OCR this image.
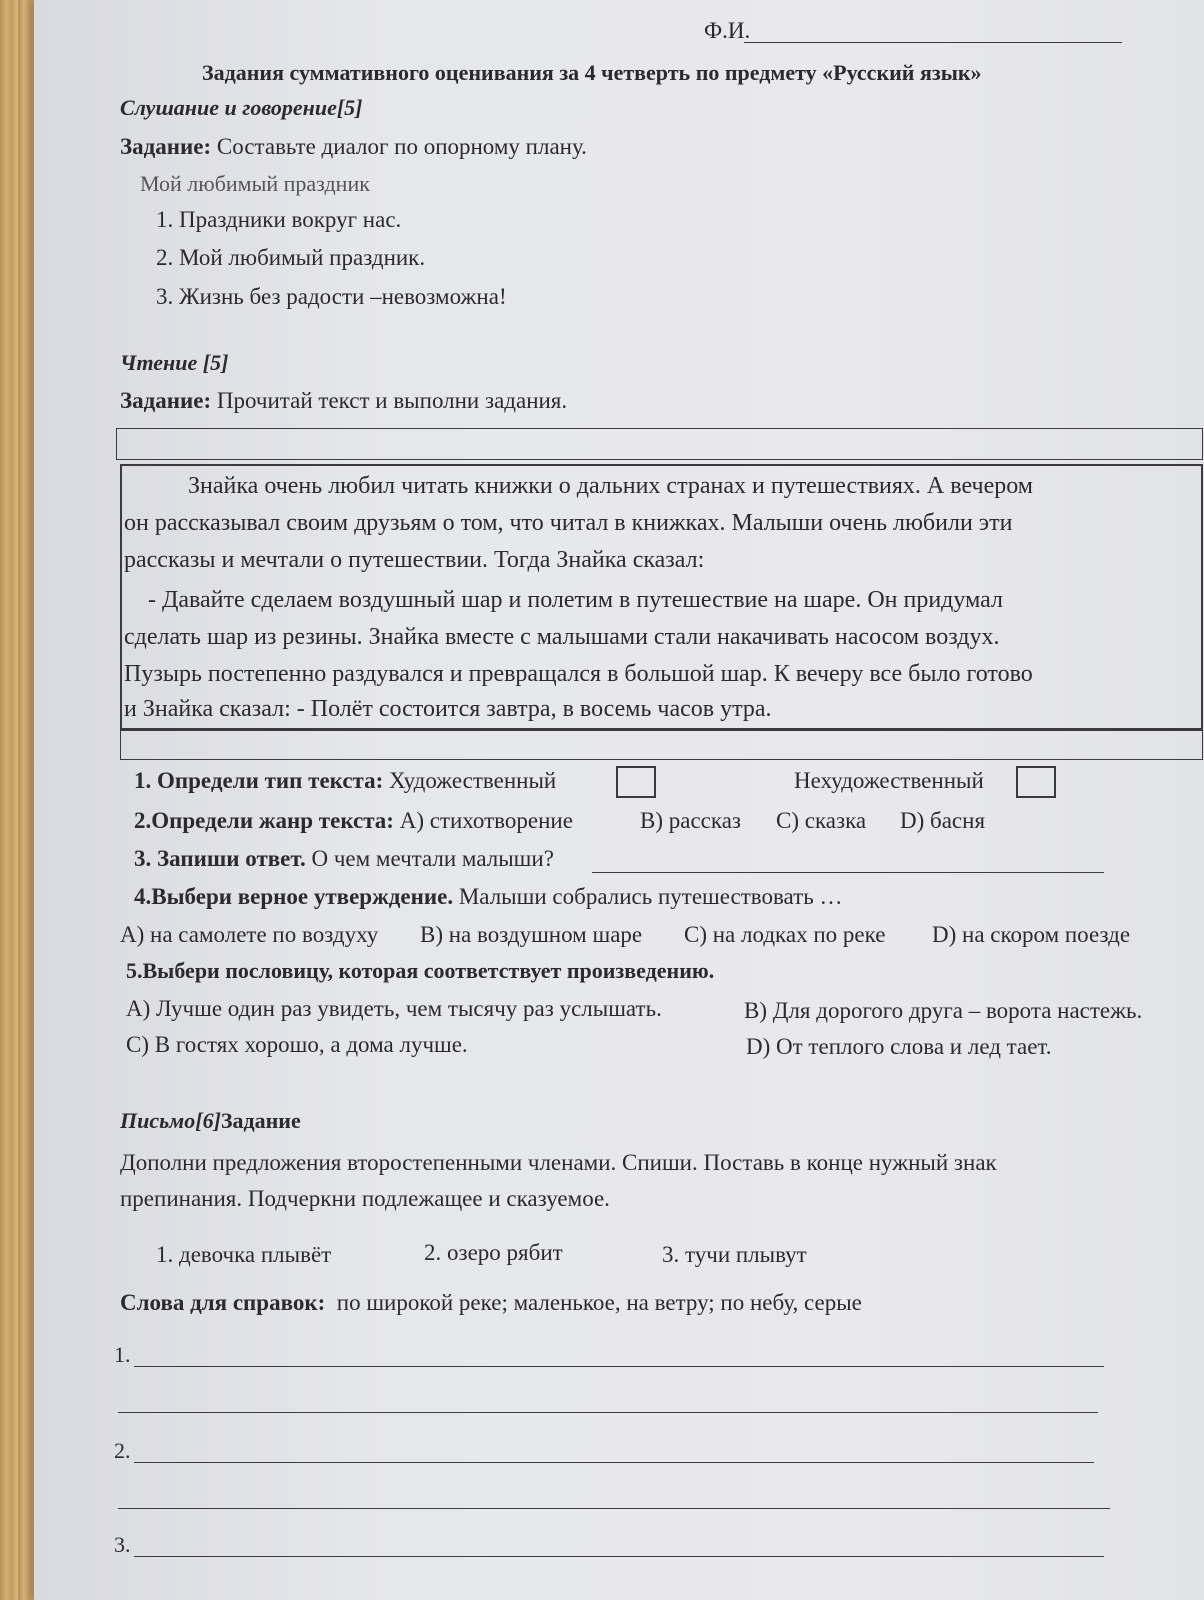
Ф.И.
Задания суммативного оценивания за 4 четверть по предмету «Русский язык»
Слушание и говорение[5]
Задание: Составьте диалог по опорному плану.
Мой любимый праздник
1. Праздники вокруг нас.
2. Мой любимый праздник.
3. Жизнь без радости –невозможна!
Чтение [5]
Задание: Прочитай текст и выполни задания.
Знайка очень любил читать книжки о дальних странах и путешествиях. А вечером
он рассказывал своим друзьям о том, что читал в книжках. Малыши очень любили эти
рассказы и мечтали о путешествии. Тогда Знайка сказал:
- Давайте сделаем воздушный шар и полетим в путешествие на шаре. Он придумал
сделать шар из резины. Знайка вместе с малышами стали накачивать насосом воздух.
Пузырь постепенно раздувался и превращался в большой шар. К вечеру все было готово
и Знайка сказал: - Полёт состоится завтра, в восемь часов утра.
1. Определи тип текста: Художественный	Нехудожественный
2.Определи жанр текста: А) стихотворение	В) рассказ С) сказка D) басня
3. Запиши ответ. О чем мечтали малыши?
4.Выбери верное утверждение. Малыши собрались путешествовать …
А) на самолете по воздуху В) на воздушном шаре С) на лодках по реке D) на скором поезде
5.Выбери пословицу, которая соответствует произведению.
А) Лучше один раз увидеть, чем тысячу раз услышать.	В) Для дорогого друга – ворота настежь.
С) В гостях хорошо, а дома лучше.	D) От теплого слова и лед тает.
Письмо[6]Задание
Дополни предложения второстепенными членами. Спиши. Поставь в конце нужный знак
препинания. Подчеркни подлежащее и сказуемое.
1. девочка плывёт	2. озеро рябит	3. тучи плывут
Слова для справок: по широкой реке; маленькое, на ветру; по небу, серые
1.
2.
3.
